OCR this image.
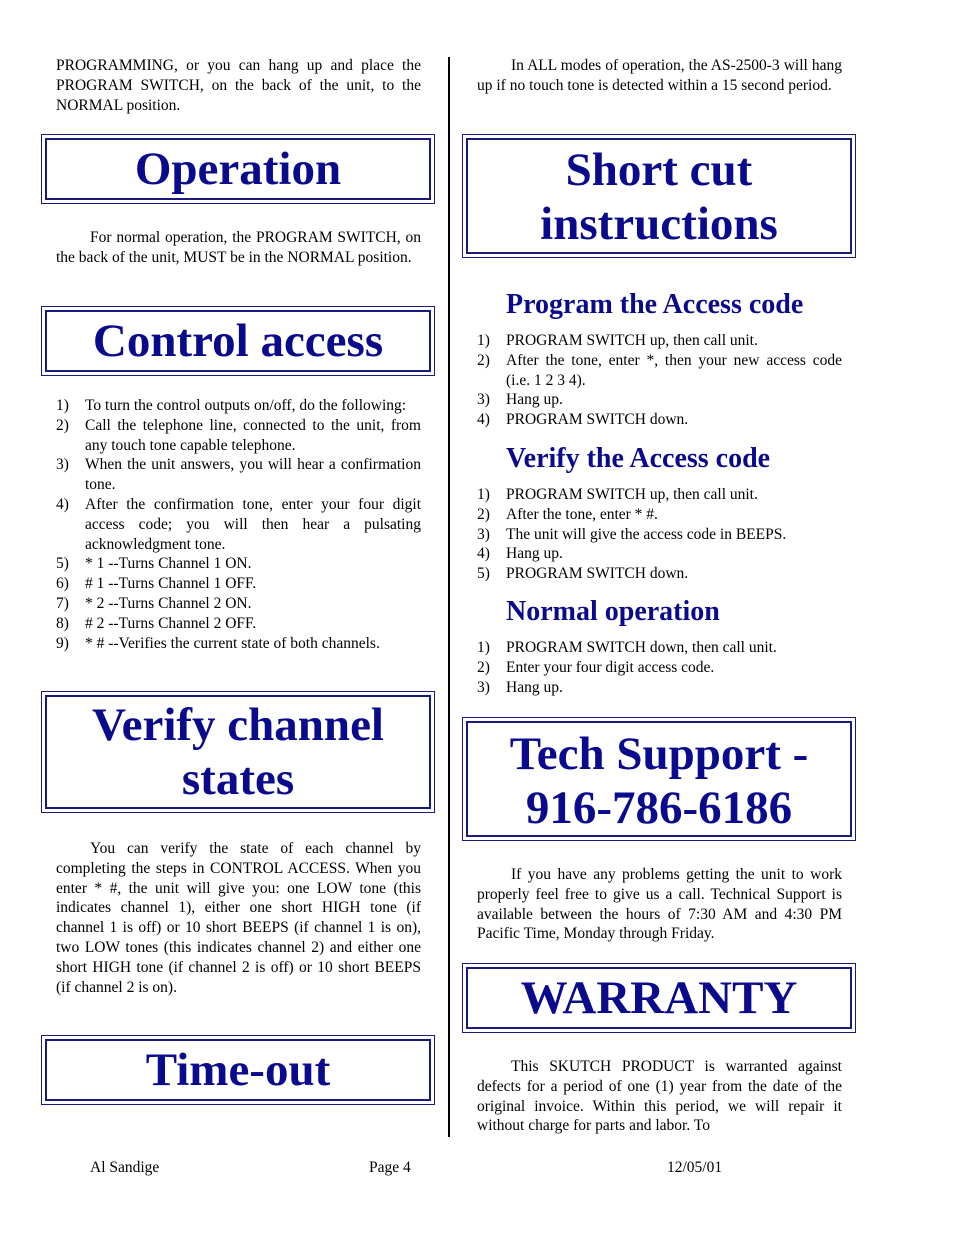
PROGRAMMING, or you can hang up and place the PROGRAM SWITCH, on the back of the unit, to the NORMAL position.
Operation
For normal operation, the PROGRAM SWITCH, on the back of the unit, MUST be in the NORMAL position.
Control access
1) To turn the control outputs on/off, do the following:
2) Call the telephone line, connected to the unit, from any touch tone capable telephone.
3) When the unit answers, you will hear a confirmation tone.
4) After the confirmation tone, enter your four digit access code; you will then hear a pulsating acknowledgment tone.
5) * 1 --Turns Channel 1 ON.
6) # 1 --Turns Channel 1 OFF.
7) * 2 --Turns Channel 2 ON.
8) # 2 --Turns Channel 2 OFF.
9) * # --Verifies the current state of both channels.
Verify channel
states
You can verify the state of each channel by completing the steps in CONTROL ACCESS. When you enter * #, the unit will give you: one LOW tone (this indicates channel 1), either one short HIGH tone (if channel 1 is off) or 10 short BEEPS (if channel 1 is on), two LOW tones (this indicates channel 2) and either one short HIGH tone (if channel 2 is off) or 10 short BEEPS (if channel 2 is on).
Time-out
In ALL modes of operation, the AS-2500-3 will hang up if no touch tone is detected within a 15 second period.
Short cut
instructions
Program the Access code
1) PROGRAM SWITCH up, then call unit.
2) After the tone, enter *, then your new access code (i.e. 1 2 3 4).
3) Hang up.
4) PROGRAM SWITCH down.
Verify the Access code
1) PROGRAM SWITCH up, then call unit.
2) After the tone, enter * #.
3) The unit will give the access code in BEEPS.
4) Hang up.
5) PROGRAM SWITCH down.
Normal operation
1) PROGRAM SWITCH down, then call unit.
2) Enter your four digit access code.
3) Hang up.
Tech Support -
916-786-6186
If you have any problems getting the unit to work properly feel free to give us a call. Technical Support is available between the hours of 7:30 AM and 4:30 PM Pacific Time, Monday through Friday.
WARRANTY
This SKUTCH PRODUCT is warranted against defects for a period of one (1) year from the date of the original invoice. Within this period, we will repair it without charge for parts and labor. To
Al Sandige	Page 4	12/05/01
